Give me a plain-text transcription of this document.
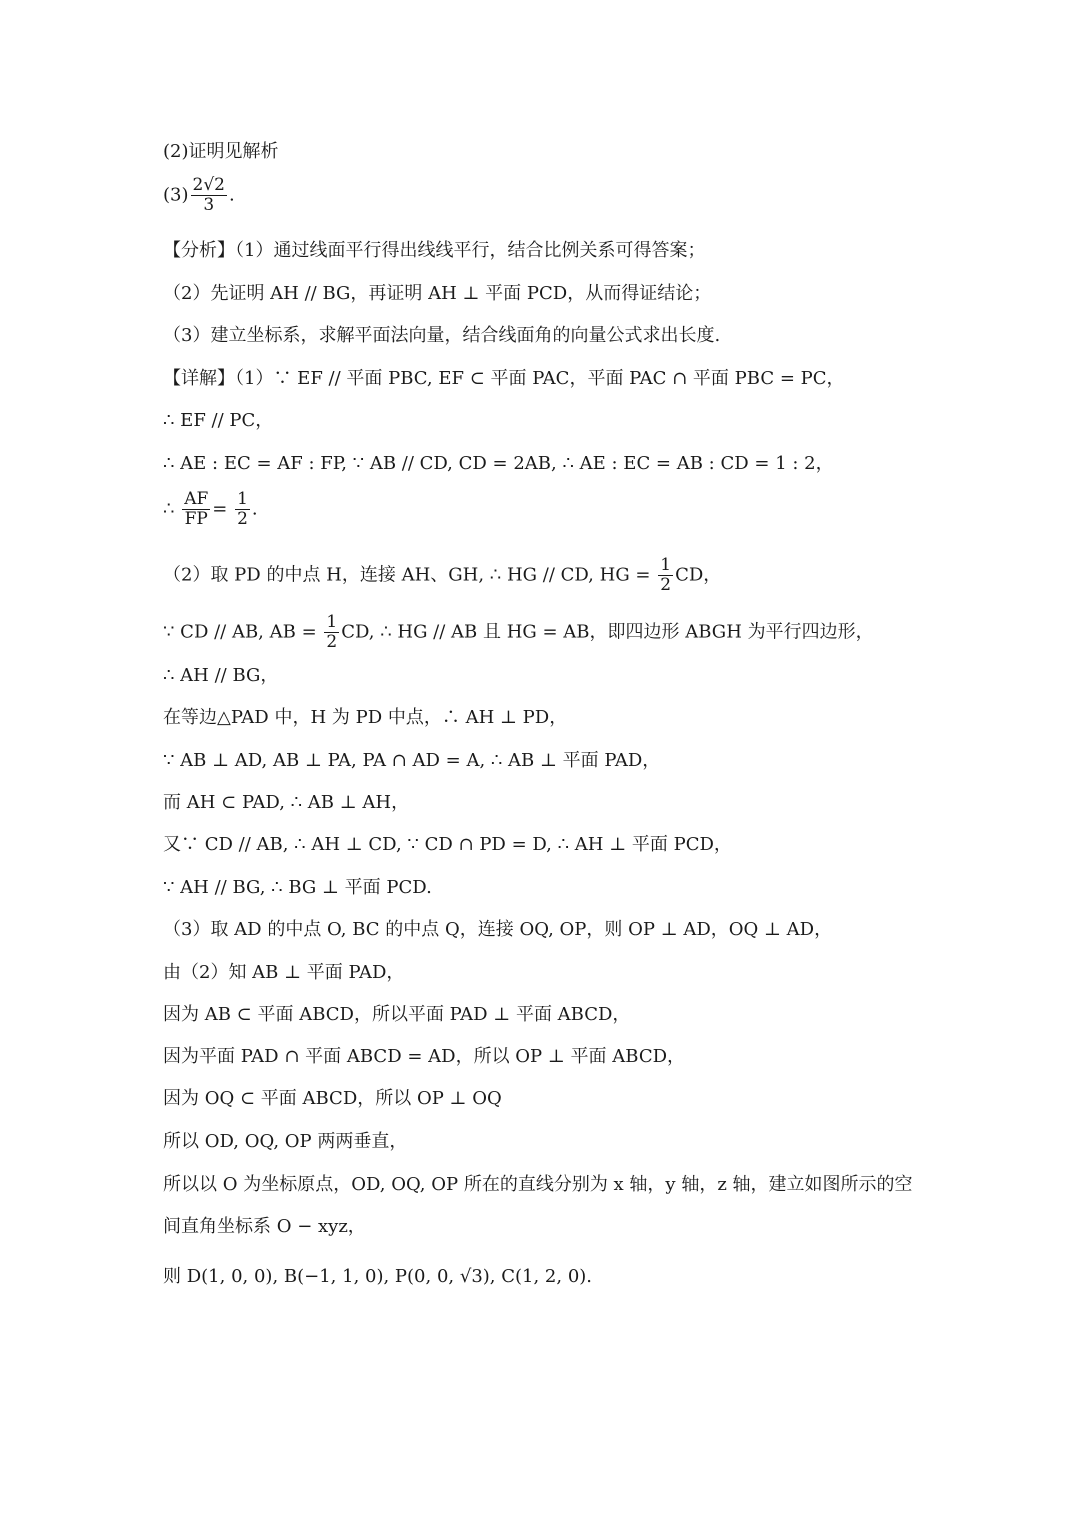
(2)证明见解析
$(3) \frac{2√2}{3}$ .
【分析】（1）通过线面平行得出线线平行，结合比例关系可得答案；
（2）先证明 AH // BG，再证明 AH ⊥ 平面 PCD，从而得证结论；
（3）建立坐标系，求解平面法向量，结合线面角的向量公式求出长度.
【详解】（1）∵ EF // 平面 PBC, EF ⊂ 平面 PAC，平面 PAC ∩ 平面 PBC = PC，
∴ EF // PC，
∴ AE : EC = AF : FP, ∵ AB // CD, CD = 2AB, ∴ AE : EC = AB : CD = 1 : 2，
∴ $\frac{AF}{FP} = \frac{1}{2}$ .
（2）取 PD 的中点 H，连接 AH、GH, ∴ HG // CD, HG = $\frac{1}{2}$ CD，
∵ CD // AB, AB = $\frac{1}{2}$ CD, ∴ HG // AB 且 HG = AB，即四边形 ABGH 为平行四边形，
∴ AH // BG，
在等边△PAD 中，H 为 PD 中点，∴ AH ⊥ PD，
∵ AB ⊥ AD, AB ⊥ PA, PA ∩ AD = A, ∴ AB ⊥ 平面 PAD，
而 AH ⊂ PAD, ∴ AB ⊥ AH，
又∵ CD // AB, ∴ AH ⊥ CD, ∵ CD ∩ PD = D, ∴ AH ⊥ 平面 PCD，
∵ AH // BG, ∴ BG ⊥ 平面 PCD.
（3）取 AD 的中点 O, BC 的中点 Q，连接 OQ, OP，则 OP ⊥ AD，OQ ⊥ AD，
由（2）知 AB ⊥ 平面 PAD，
因为 AB ⊂ 平面 ABCD，所以平面 PAD ⊥ 平面 ABCD，
因为平面 PAD ∩ 平面 ABCD = AD，所以 OP ⊥ 平面 ABCD，
因为 OQ ⊂ 平面 ABCD，所以 OP ⊥ OQ
所以 OD, OQ, OP 两两垂直，
所以以 O 为坐标原点，OD, OQ, OP 所在的直线分别为 x 轴，y 轴，z 轴，建立如图所示的空
间直角坐标系 O − xyz，
则 D(1, 0, 0), B(−1, 1, 0), P(0, 0, √3), C(1, 2, 0).
